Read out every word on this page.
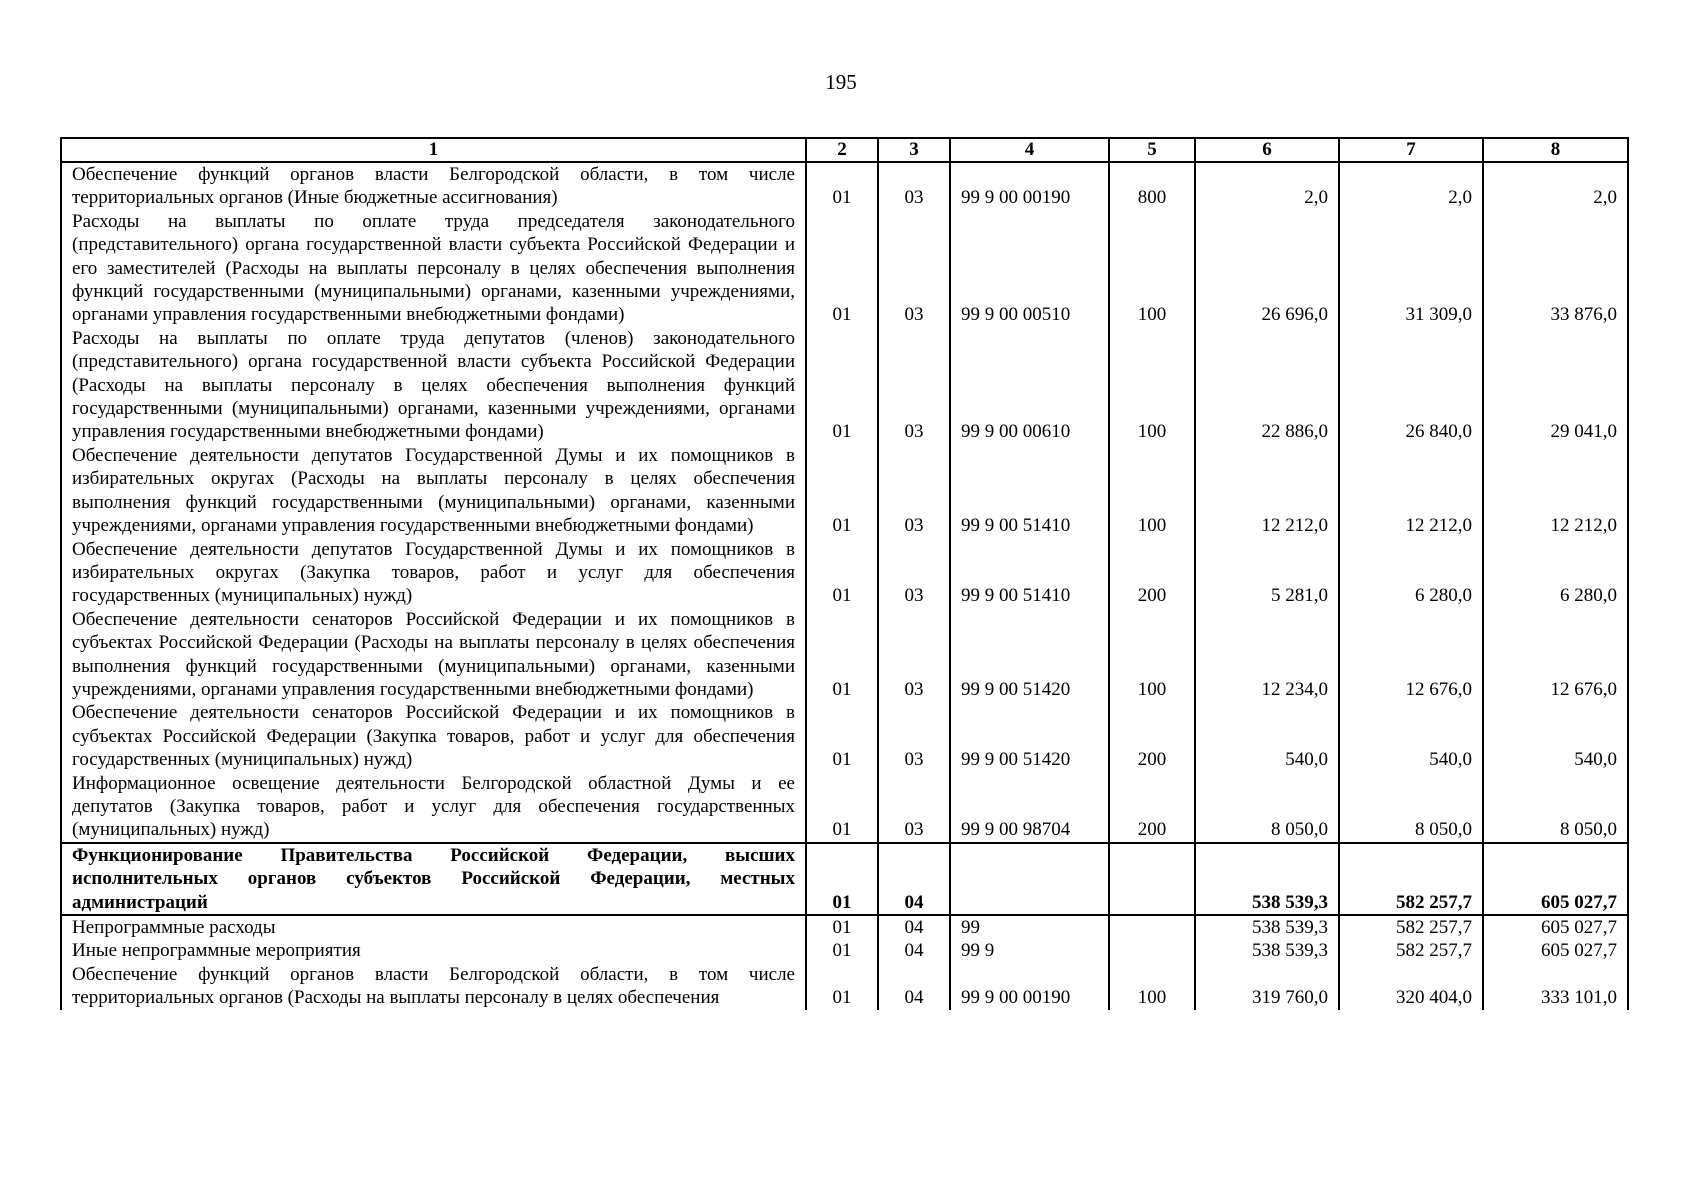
195
1	2	3	4	5	6	7	8
Обеспечение функций органов власти Белгородской области, в том числе территориальных органов (Иные бюджетные ассигнования)	01	03	99 9 00 00190	800	2,0	2,0	2,0
Расходы на выплаты по оплате труда председателя законодательного (представительного) органа государственной власти субъекта Российской Федерации и его заместителей (Расходы на выплаты персоналу в целях обеспечения выполнения функций государственными (муниципальными) органами, казенными учреждениями, органами управления государственными внебюджетными фондами)	01	03	99 9 00 00510	100	26 696,0	31 309,0	33 876,0
Расходы на выплаты по оплате труда депутатов (членов) законодательного (представительного) органа государственной власти субъекта Российской Федерации (Расходы на выплаты персоналу в целях обеспечения выполнения функций государственными (муниципальными) органами, казенными учреждениями, органами управления государственными внебюджетными фондами)	01	03	99 9 00 00610	100	22 886,0	26 840,0	29 041,0
Обеспечение деятельности депутатов Государственной Думы и их помощников в избирательных округах (Расходы на выплаты персоналу в целях обеспечения выполнения функций государственными (муниципальными) органами, казенными учреждениями, органами управления государственными внебюджетными фондами)	01	03	99 9 00 51410	100	12 212,0	12 212,0	12 212,0
Обеспечение деятельности депутатов Государственной Думы и их помощников в избирательных округах (Закупка товаров, работ и услуг для обеспечения государственных (муниципальных) нужд)	01	03	99 9 00 51410	200	5 281,0	6 280,0	6 280,0
Обеспечение деятельности сенаторов Российской Федерации и их помощников в субъектах Российской Федерации (Расходы на выплаты персоналу в целях обеспечения выполнения функций государственными (муниципальными) органами, казенными учреждениями, органами управления государственными внебюджетными фондами)	01	03	99 9 00 51420	100	12 234,0	12 676,0	12 676,0
Обеспечение деятельности сенаторов Российской Федерации и их помощников в субъектах Российской Федерации (Закупка товаров, работ и услуг для обеспечения государственных (муниципальных) нужд)	01	03	99 9 00 51420	200	540,0	540,0	540,0
Информационное освещение деятельности Белгородской областной Думы и ее депутатов (Закупка товаров, работ и услуг для обеспечения государственных (муниципальных) нужд)	01	03	99 9 00 98704	200	8 050,0	8 050,0	8 050,0
Функционирование Правительства Российской Федерации, высших исполнительных органов субъектов Российской Федерации, местных администраций	01	04			538 539,3	582 257,7	605 027,7
Непрограммные расходы	01	04	99		538 539,3	582 257,7	605 027,7
Иные непрограммные мероприятия	01	04	99 9		538 539,3	582 257,7	605 027,7
Обеспечение функций органов власти Белгородской области, в том числе территориальных органов (Расходы на выплаты персоналу в целях обеспечения	01	04	99 9 00 00190	100	319 760,0	320 404,0	333 101,0
